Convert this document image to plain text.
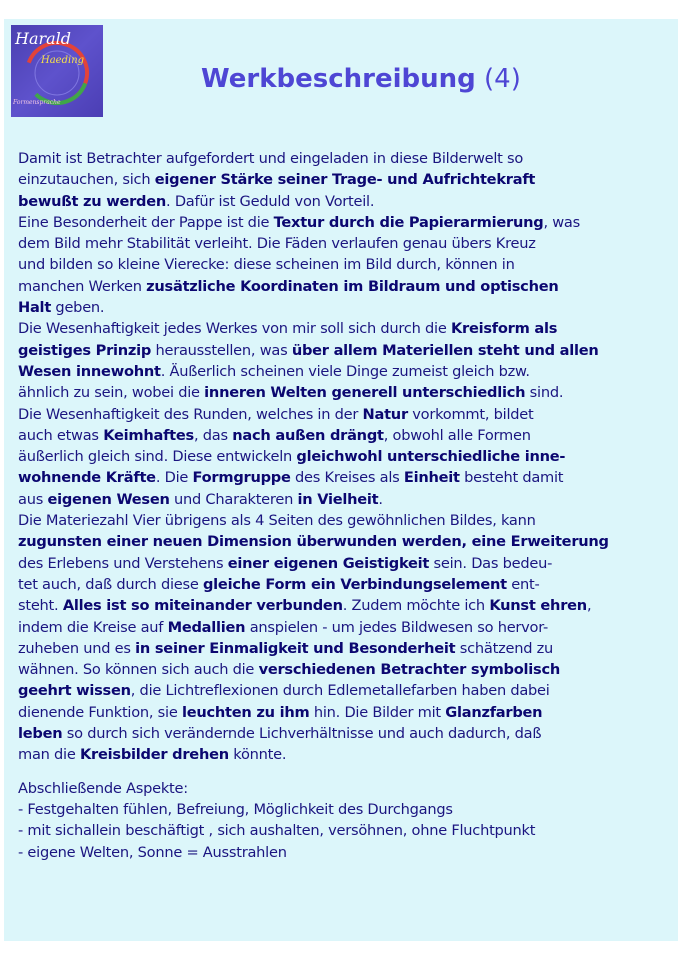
Harald
Haeding
Formensprache
Werkbeschreibung (4)

Damit ist Betrachter aufgefordert und eingeladen in diese Bilderwelt so

einzutauchen, sich eigener Stärke seiner Trage- und Aufrichtekraft

bewußt zu werden. Dafür ist Geduld von Vorteil.

Eine Besonderheit der Pappe ist die Textur durch die Papierarmierung, was

dem Bild mehr Stabilität verleiht. Die Fäden verlaufen genau übers Kreuz

und bilden so kleine Vierecke: diese scheinen im Bild durch, können in

manchen Werken zusätzliche Koordinaten im Bildraum und optischen

Halt geben.

Die Wesenhaftigkeit jedes Werkes von mir soll sich durch die Kreisform als

geistiges Prinzip herausstellen, was über allem Materiellen steht und allen

Wesen innewohnt. Äußerlich scheinen viele Dinge zumeist gleich bzw.

ähnlich zu sein, wobei die inneren Welten generell unterschiedlich sind.

Die Wesenhaftigkeit des Runden, welches in der Natur vorkommt, bildet

auch etwas Keimhaftes, das nach außen drängt, obwohl alle Formen

äußerlich gleich sind. Diese entwickeln gleichwohl unterschiedliche inne-

wohnende Kräfte. Die Formgruppe des Kreises als Einheit besteht damit

aus eigenen Wesen und Charakteren in Vielheit.

Die Materiezahl Vier übrigens als 4 Seiten des gewöhnlichen Bildes, kann

zugunsten einer neuen Dimension überwunden werden, eine Erweiterung

des Erlebens und Verstehens einer eigenen Geistigkeit sein. Das bedeu-

tet auch, daß durch diese gleiche Form ein Verbindungselement ent-

steht. Alles ist so miteinander verbunden. Zudem möchte ich Kunst ehren,

indem die Kreise auf Medallien anspielen - um jedes Bildwesen so hervor-

zuheben und es in seiner Einmaligkeit und Besonderheit schätzend zu

wähnen. So können sich auch die verschiedenen Betrachter symbolisch

geehrt wissen, die Lichtreflexionen durch Edlemetallefarben haben dabei

dienende Funktion, sie leuchten zu ihm hin. Die Bilder mit Glanzfarben

leben so durch sich verändernde Lichverhältnisse und auch dadurch, daß

man die Kreisbilder drehen könnte.

Abschließende Aspekte:

- Festgehalten fühlen, Befreiung, Möglichkeit des Durchgangs

- mit sichallein beschäftigt , sich aushalten, versöhnen, ohne Fluchtpunkt

- eigene Welten, Sonne = Ausstrahlen
